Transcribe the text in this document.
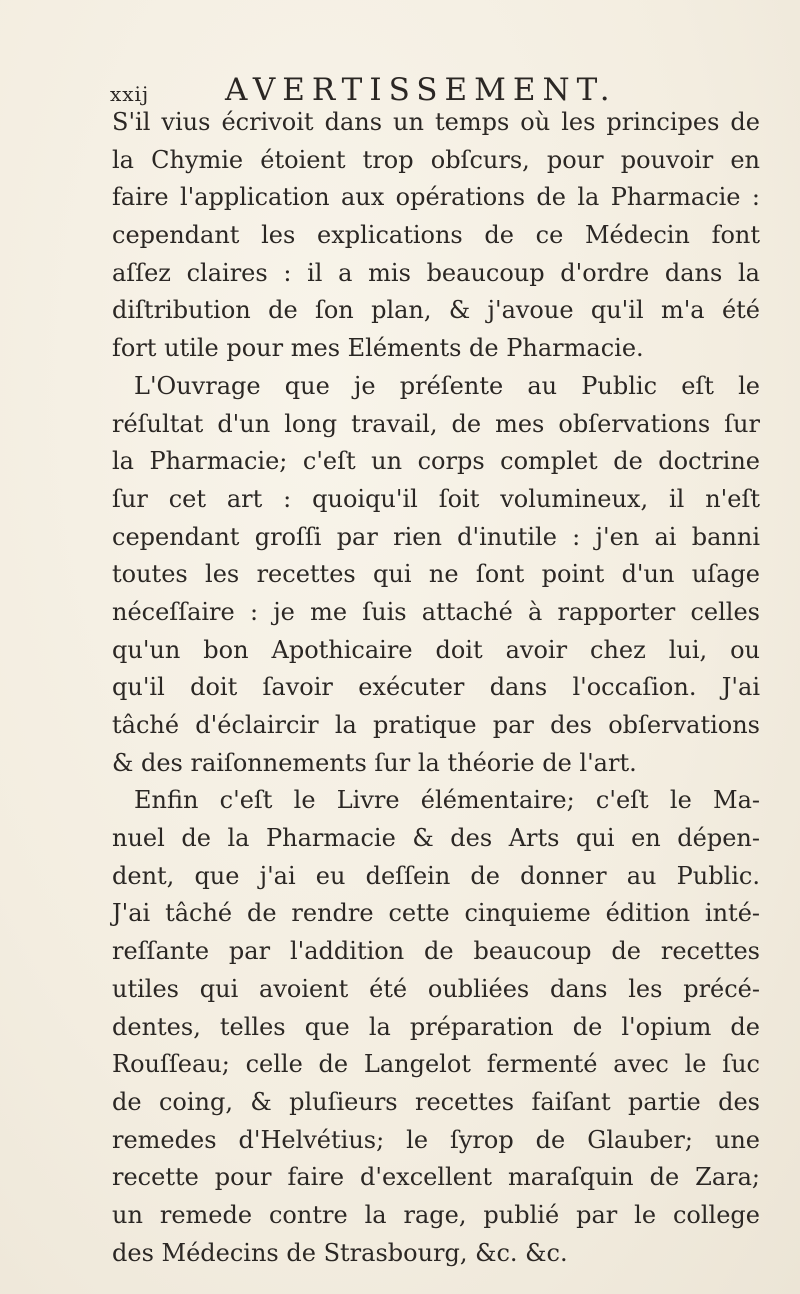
xxij AVERTISSEMENT.
S'il vius écrivoit dans un temps où les principes de
la Chymie étoient trop obſcurs, pour pouvoir en
faire l'application aux opérations de la Pharmacie :
cependant les explications de ce Médecin font
aſſez claires : il a mis beaucoup d'ordre dans la
diſtribution de ſon plan, & j'avoue qu'il m'a été
fort utile pour mes Eléments de Pharmacie.
L'Ouvrage que je préſente au Public eſt le
réſultat d'un long travail, de mes obſervations ſur
la Pharmacie; c'eſt un corps complet de doctrine
ſur cet art : quoiqu'il ſoit volumineux, il n'eſt
cependant groſſi par rien d'inutile : j'en ai banni
toutes les recettes qui ne ſont point d'un uſage
néceſſaire : je me ſuis attaché à rapporter celles
qu'un bon Apothicaire doit avoir chez lui, ou
qu'il doit ſavoir exécuter dans l'occaſion. J'ai
tâché d'éclaircir la pratique par des obſervations
& des raiſonnements ſur la théorie de l'art.
Enfin c'eſt le Livre élémentaire; c'eſt le Ma-
nuel de la Pharmacie & des Arts qui en dépen-
dent, que j'ai eu deſſein de donner au Public.
J'ai tâché de rendre cette cinquieme édition inté-
reſſante par l'addition de beaucoup de recettes
utiles qui avoient été oubliées dans les précé-
dentes, telles que la préparation de l'opium de
Rouſſeau; celle de Langelot fermenté avec le ſuc
de coing, & pluſieurs recettes faiſant partie des
remedes d'Helvétius; le ſyrop de Glauber; une
recette pour faire d'excellent maraſquin de Zara;
un remede contre la rage, publié par le college
des Médecins de Strasbourg, &c. &c.
